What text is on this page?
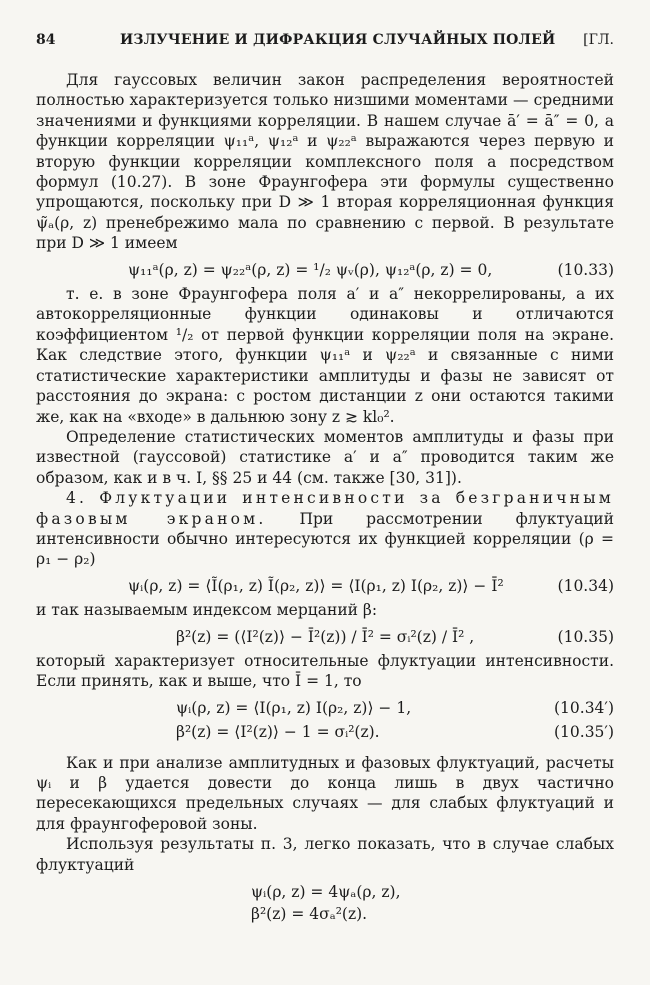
84	ИЗЛУЧЕНИЕ И ДИФРАКЦИЯ СЛУЧАЙНЫХ ПОЛЕЙ [ГЛ.

Для гауссовых величин закон распределения вероятностей полностью характеризуется только низшими моментами — средними значениями и функциями корреляции. В нашем случае ā′ = ā″ = 0, а функции корреляции ψ₁₁ᵃ, ψ₁₂ᵃ и ψ₂₂ᵃ выражаются через первую и вторую функции корреляции комплексного поля a посредством формул (10.27). В зоне Фраунгофера эти формулы существенно упрощаются, поскольку при D ≫ 1 вторая корреляционная функция ψ̃ₐ(ρ, z) пренебрежимо мала по сравнению с первой. В результате при D ≫ 1 имеем

ψ₁₁ᵃ(ρ, z) = ψ₂₂ᵃ(ρ, z) = ¹/₂ ψᵥ(ρ), ψ₁₂ᵃ(ρ, z) = 0,	(10.33)

т. е. в зоне Фраунгофера поля a′ и a″ некоррелированы, а их автокорреляционные функции одинаковы и отличаются коэффициентом ¹/₂ от первой функции корреляции поля на экране. Как следствие этого, функции ψ₁₁ᵃ и ψ₂₂ᵃ и связанные с ними статистические характеристики амплитуды и фазы не зависят от расстояния до экрана: с ростом дистанции z они остаются такими же, как на «входе» в дальнюю зону z ≳ kl₀².

Определение статистических моментов амплитуды и фазы при известной (гауссовой) статистике a′ и a″ проводится таким же образом, как и в ч. I, §§ 25 и 44 (см. также [30, 31]).

4. Флуктуации интенсивности за безграничным фазовым экраном. При рассмотрении флуктуаций интенсивности обычно интересуются их функцией корреляции (ρ = ρ₁ − ρ₂)

ψᵢ(ρ, z) = ⟨Ĩ(ρ₁, z) Ĩ(ρ₂, z)⟩ = ⟨I(ρ₁, z) I(ρ₂, z)⟩ − Ī²	(10.34)

и так называемым индексом мерцаний β:

β²(z) = (⟨I²(z)⟩ − Ī²(z)) / Ī² = σᵢ²(z) / Ī² ,	(10.35)

который характеризует относительные флуктуации интенсивности. Если принять, как и выше, что Ī = 1, то

ψᵢ(ρ, z) = ⟨I(ρ₁, z) I(ρ₂, z)⟩ − 1,	(10.34′)
β²(z) = ⟨I²(z)⟩ − 1 = σᵢ²(z).	(10.35′)

Как и при анализе амплитудных и фазовых флуктуаций, расчеты ψᵢ и β удается довести до конца лишь в двух частично пересекающихся предельных случаях — для слабых флуктуаций и для фраунгоферовой зоны.

Используя результаты п. 3, легко показать, что в случае слабых флуктуаций

ψᵢ(ρ, z) = 4ψₐ(ρ, z),
β²(z) = 4σₐ²(z).
